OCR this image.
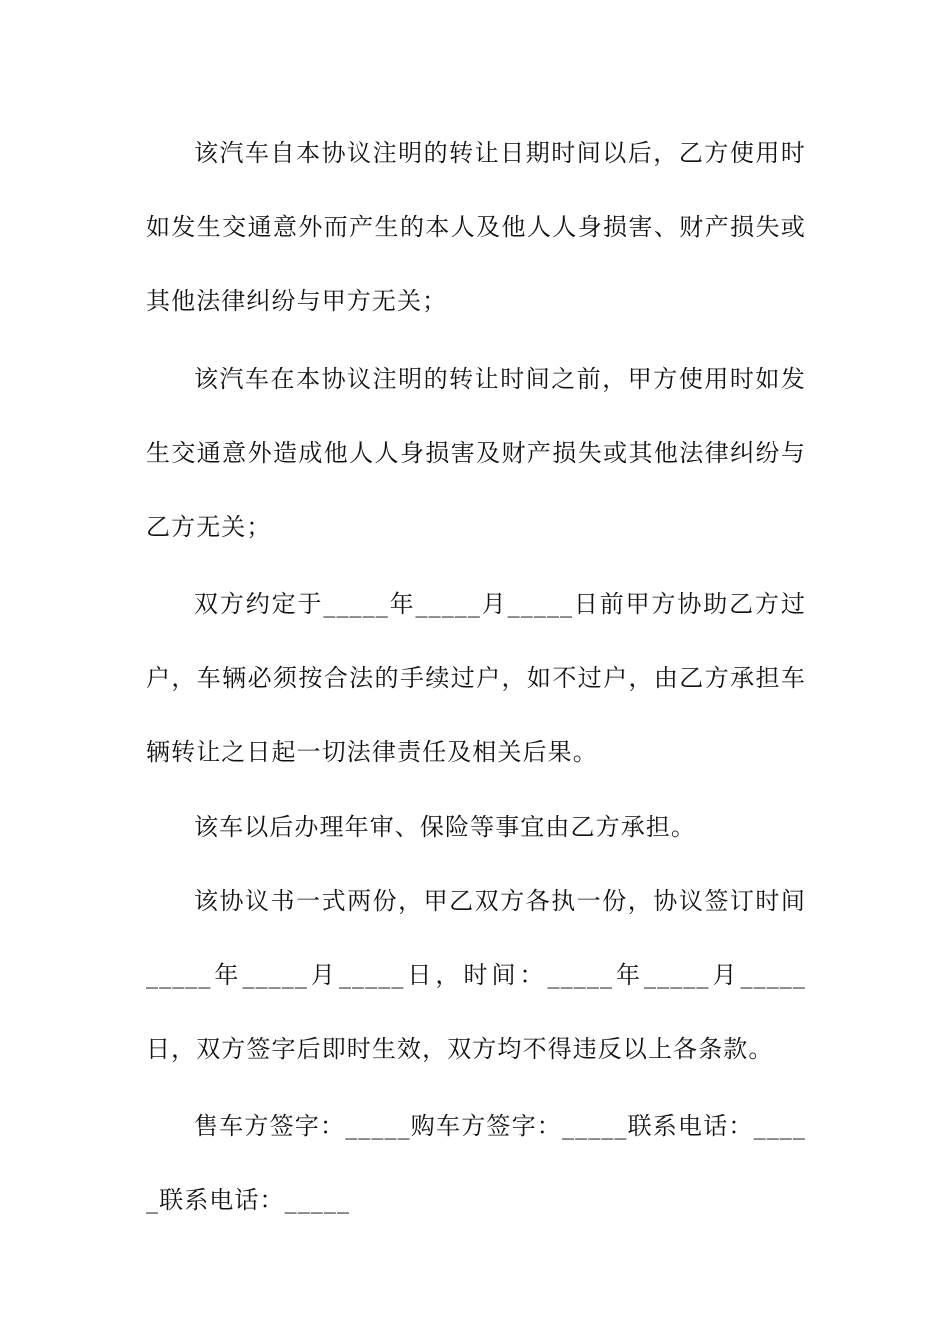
该汽车自本协议注明的转让日期时间以后，乙方使用时如发生交通意外而产生的本人及他人人身损害、财产损失或其他法律纠纷与甲方无关；

该汽车在本协议注明的转让时间之前，甲方使用时如发生交通意外造成他人人身损害及财产损失或其他法律纠纷与乙方无关；

双方约定于_____年_____月_____日前甲方协助乙方过户，车辆必须按合法的手续过户，如不过户，由乙方承担车辆转让之日起一切法律责任及相关后果。

该车以后办理年审、保险等事宜由乙方承担。

该协议书一式两份，甲乙双方各执一份，协议签订时间_____年_____月_____日，时间：_____年_____月_____日，双方签字后即时生效，双方均不得违反以上各条款。

售车方签字：_____购车方签字：_____联系电话：_____联系电话：_____
